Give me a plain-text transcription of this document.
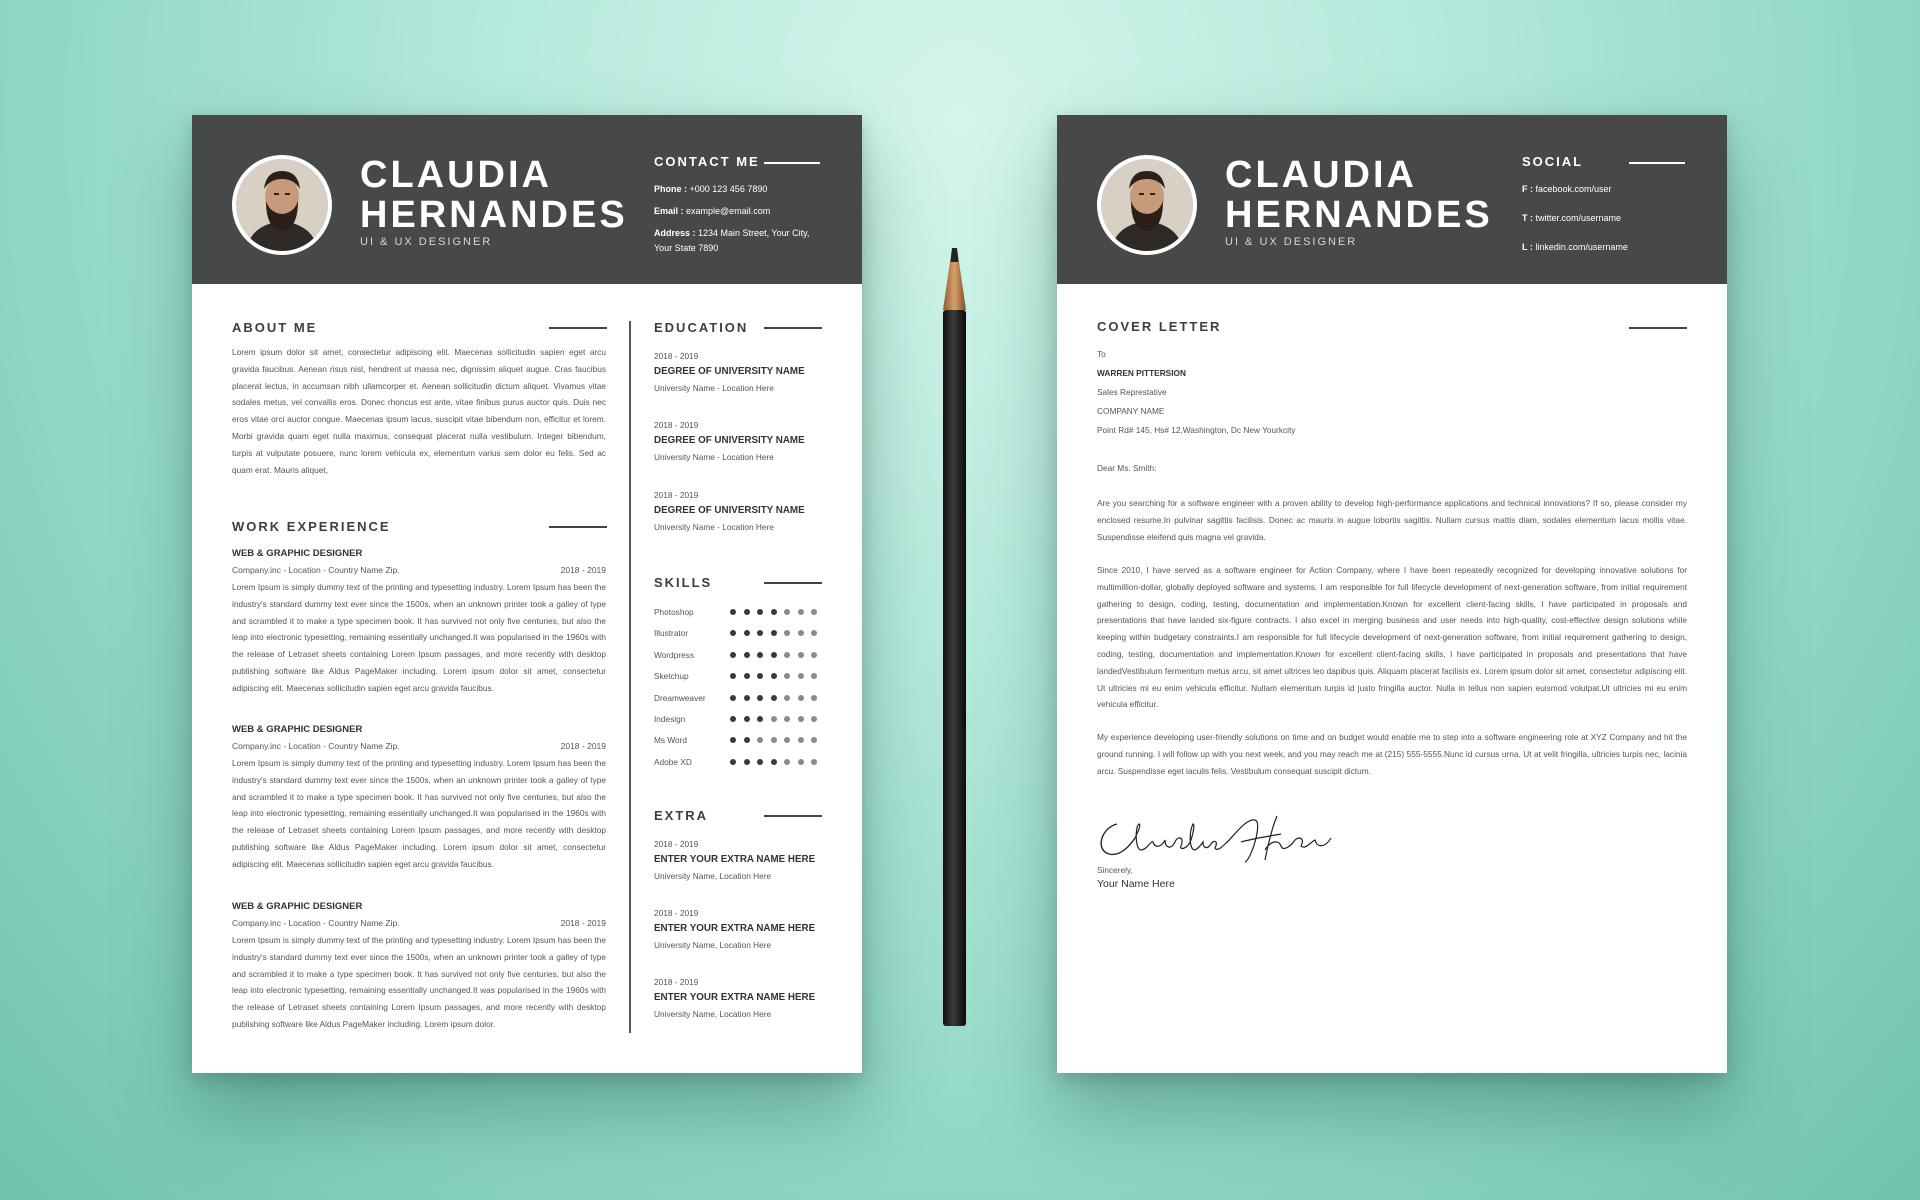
CLAUDIA
HERNANDES
UI & UX DESIGNER
CONTACT ME
Phone : +000 123 456 7890
Email : example@email.com
Address : 1234 Main Street, Your City,
Your State 7890
ABOUT ME

Lorem ipsum dolor sit amet, consectetur adipiscing elit. Maecenas sollicitudin sapien eget arcu gravida faucibus. Aenean risus nisl, hendrerit ut massa nec, dignissim aliquet augue. Cras faucibus placerat lectus, in accumsan nibh ullamcorper et. Aenean sollicitudin dictum aliquet. Vivamus vitae sodales metus, vel convallis eros. Donec rhoncus est ante, vitae finibus purus auctor quis. Duis nec eros vitae orci auctor congue. Maecenas ipsum lacus, suscipit vitae bibendum non, efficitur et lorem. Morbi gravida quam eget nulla maximus, consequat placerat nulla vestibulum. Integer bibendum, turpis at vulputate posuere, nunc lorem vehicula ex, elementum varius sem dolor eu felis. Sed ac quam erat. Mauris aliquet,

WORK EXPERIENCE
WEB & GRAPHIC DESIGNER
Company.inc - Location - Country Name Zip.	2018 - 2019

Lorem Ipsum is simply dummy text of the printing and typesetting industry. Lorem Ipsum has been the industry's standard dummy text ever since the 1500s, when an unknown printer took a galley of type and scrambled it to make a type specimen book. It has survived not only five centuries, but also the leap into electronic typesetting, remaining essentially unchanged.It was popularised in the 1960s with the release of Letraset sheets containing Lorem Ipsum passages, and more recently with desktop publishing software like Aldus PageMaker including. Lorem ipsum dolor sit amet, consectetur adipiscing elit. Maecenas sollicitudin sapien eget arcu gravida faucibus.

WEB & GRAPHIC DESIGNER
Company.inc - Location - Country Name Zip.	2018 - 2019

Lorem Ipsum is simply dummy text of the printing and typesetting industry. Lorem Ipsum has been the industry's standard dummy text ever since the 1500s, when an unknown printer took a galley of type and scrambled it to make a type specimen book. It has survived not only five centuries, but also the leap into electronic typesetting, remaining essentially unchanged.It was popularised in the 1960s with the release of Letraset sheets containing Lorem Ipsum passages, and more recently with desktop publishing software like Aldus PageMaker including. Lorem ipsum dolor sit amet, consectetur adipiscing elit. Maecenas sollicitudin sapien eget arcu gravida faucibus.

WEB & GRAPHIC DESIGNER
Company.inc - Location - Country Name Zip.	2018 - 2019

Lorem Ipsum is simply dummy text of the printing and typesetting industry. Lorem Ipsum has been the industry's standard dummy text ever since the 1500s, when an unknown printer took a galley of type and scrambled it to make a type specimen book. It has survived not only five centuries, but also the leap into electronic typesetting, remaining essentially unchanged.It was popularised in the 1960s with the release of Letraset sheets containing Lorem Ipsum passages, and more recently with desktop publishing software like Aldus PageMaker including. Lorem ipsum dolor.

EDUCATION
2018 - 2019
DEGREE OF UNIVERSITY NAME
University Name - Location Here
2018 - 2019
DEGREE OF UNIVERSITY NAME
University Name - Location Here
2018 - 2019
DEGREE OF UNIVERSITY NAME
University Name - Location Here
SKILLS
Photoshop
Illustrator
Wordpress
Sketchup
Dreamweaver
Indesign
Ms Word
Adobe XD
EXTRA
2018 - 2019
ENTER YOUR EXTRA NAME HERE
University Name, Location Here
2018 - 2019
ENTER YOUR EXTRA NAME HERE
University Name, Location Here
2018 - 2019
ENTER YOUR EXTRA NAME HERE
University Name, Location Here
CLAUDIA
HERNANDES
UI & UX DESIGNER
SOCIAL
F : facebook.com/user
T : twitter.com/username
L : linkedin.com/username
COVER LETTER
To
WARREN PITTERSION
Sales Represtative
COMPANY NAME
Point Rd# 145, Hs# 12,Washington, Dc New Yourkcity
Dear Ms. Smith:

Are you searching for a software engineer with a proven ability to develop high-performance applications and technical innovations? If so, please consider my enclosed resume.In pulvinar sagittis facilisis. Donec ac mauris in augue lobortis sagittis. Nullam cursus mattis diam, sodales elementum lacus mollis vitae. Suspendisse eleifend quis magna vel gravida.

Since 2010, I have served as a software engineer for Action Company, where I have been repeatedly recognized for developing innovative solutions for multimillion-dollar, globally deployed software and systems. I am responsible for full lifecycle development of next-generation software, from initial requirement gathering to design, coding, testing, documentation and implementation.Known for excellent client-facing skills, I have participated in proposals and presentations that have landed six-figure contracts. I also excel in merging business and user needs into high-quality, cost-effective design solutions while keeping within budgetary constraints.I am responsible for full lifecycle development of next-generation software, from initial requirement gathering to design, coding, testing, documentation and implementation.Known for excellent client-facing skills, I have participated in proposals and presentations that have landedVestibulum fermentum metus arcu, sit amet ultrices leo dapibus quis. Aliquam placerat facilisis ex. Lorem ipsum dolor sit amet, consectetur adipiscing elit. Ut ultricies mi eu enim vehicula efficitur. Nullam elementum turpis id justo fringilla auctor. Nulla in tellus non sapien euismod volutpat.Ut ultricies mi eu enim vehicula efficitur.

My experience developing user-friendly solutions on time and on budget would enable me to step into a software engineering role at XYZ Company and hit the ground running. I will follow up with you next week, and you may reach me at (215) 555-5555.Nunc id cursus urna. Ut at velit fringilla, ultricies turpis nec, lacinia arcu. Suspendisse eget iaculis felis. Vestibulum consequat suscipit dictum.

Sincerely,
Your Name Here
